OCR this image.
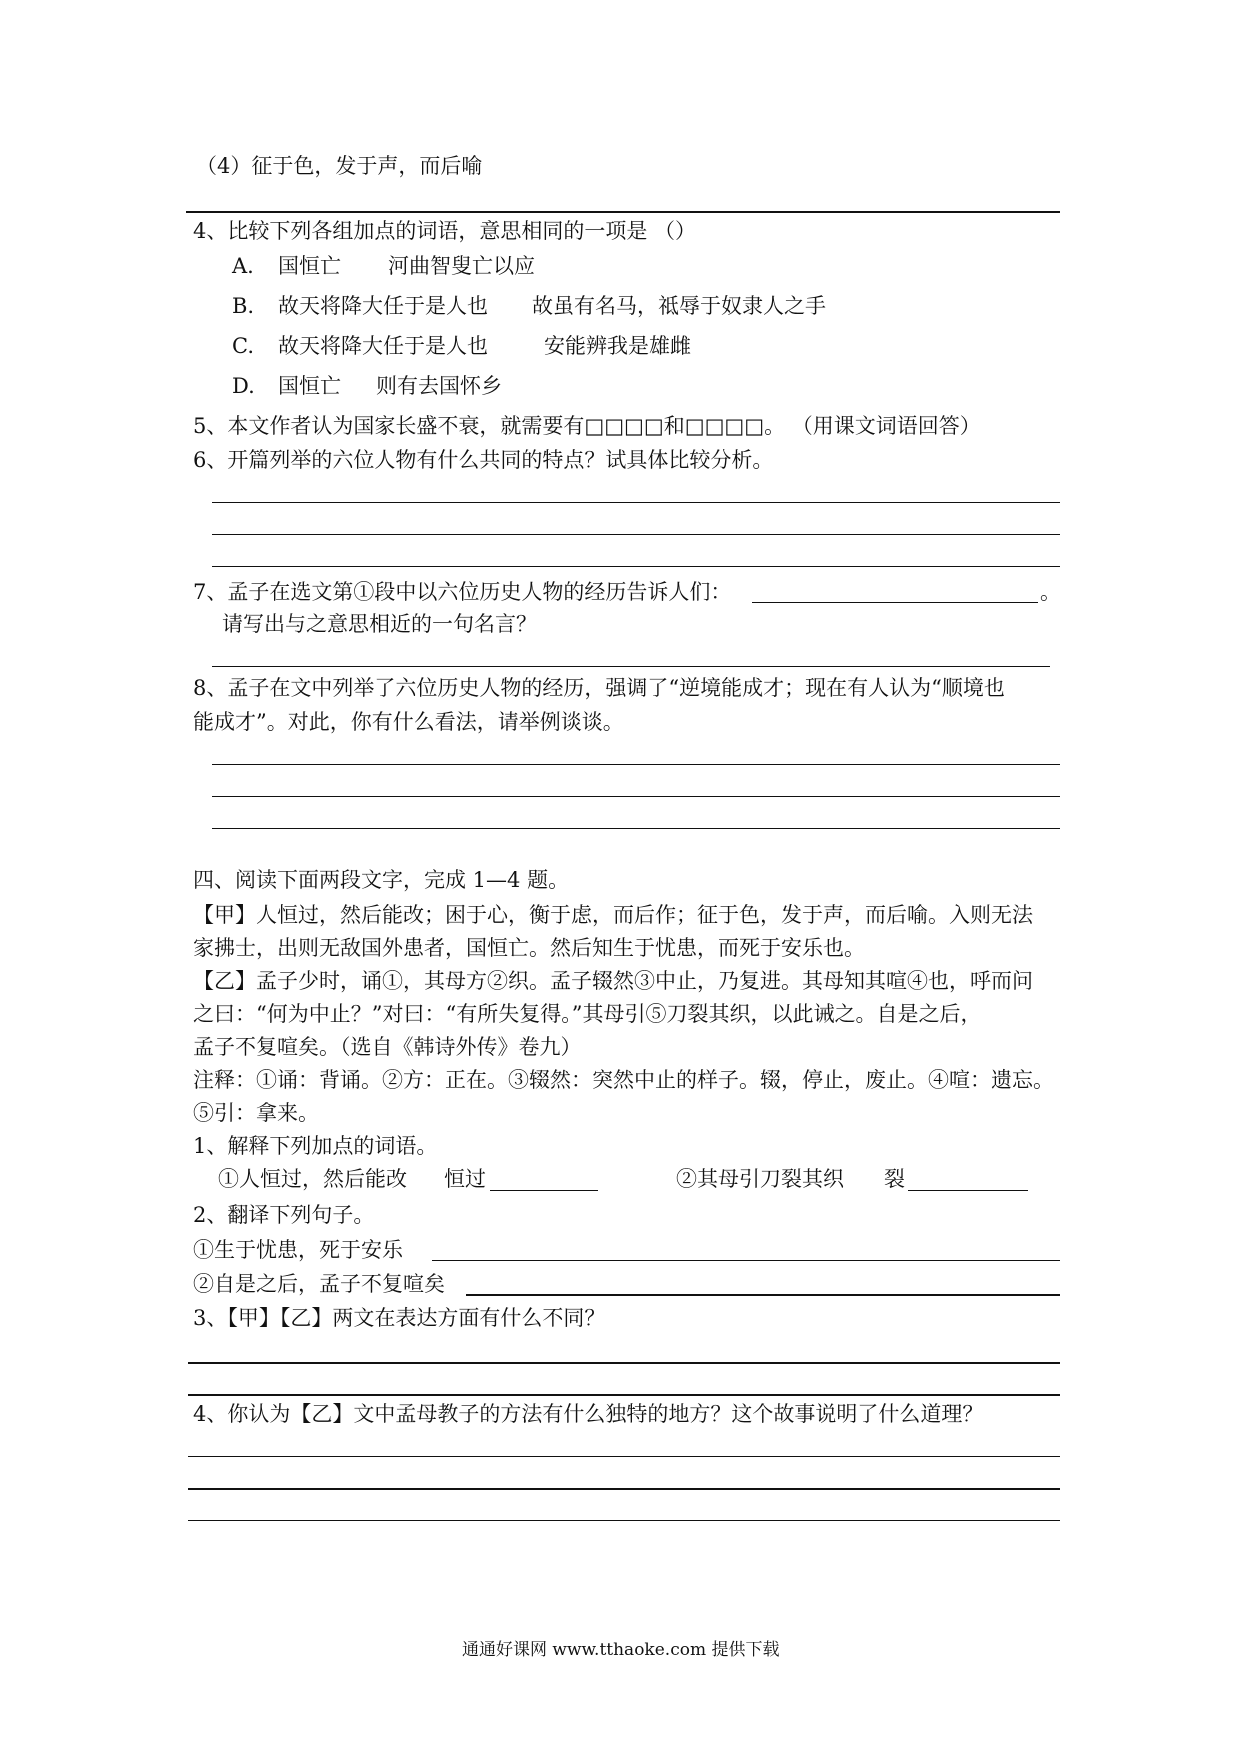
（4）征于色，发于声，而后喻
4、比较下列各组加点的词语，意思相同的一项是 （）
A. 国恒亡 河曲智叟亡以应
B. 故天将降大任于是人也 故虽有名马，祗辱于奴隶人之手
C. 故天将降大任于是人也	安能辨我是雄雌
D. 国恒亡 则有去国怀乡
5、本文作者认为国家长盛不衰，就需要有□□□□和□□□□。 （用课文词语回答）
6、开篇列举的六位人物有什么共同的特点？试具体比较分析。
7、孟子在选文第①段中以六位历史人物的经历告诉人们：	。
请写出与之意思相近的一句名言？
8、孟子在文中列举了六位历史人物的经历，强调了“逆境能成才；现在有人认为“顺境也
能成才”。对此，你有什么看法，请举例谈谈。
四、阅读下面两段文字，完成 1—4 题。
【甲】人恒过，然后能改；困于心，衡于虑，而后作；征于色，发于声，而后喻。入则无法
家拂士，出则无敌国外患者，国恒亡。然后知生于忧患，而死于安乐也。
【乙】孟子少时，诵①，其母方②织。孟子辍然③中止，乃复进。其母知其喧④也，呼而问
之曰：“何为中止？”对曰：“有所失复得。”其母引⑤刀裂其织，以此诫之。自是之后，
孟子不复喧矣。（选自《韩诗外传》卷九）
注释：①诵：背诵。②方：正在。③辍然：突然中止的样子。辍，停止，废止。④喧：遗忘。
⑤引：拿来。
1、解释下列加点的词语。
①人恒过，然后能改 恒过	②其母引刀裂其织 裂
2、翻译下列句子。
①生于忧患，死于安乐
②自是之后，孟子不复喧矣
3、【甲】【乙】两文在表达方面有什么不同？
4、你认为【乙】文中孟母教子的方法有什么独特的地方？这个故事说明了什么道理？
通通好课网 www.tthaoke.com 提供下载
